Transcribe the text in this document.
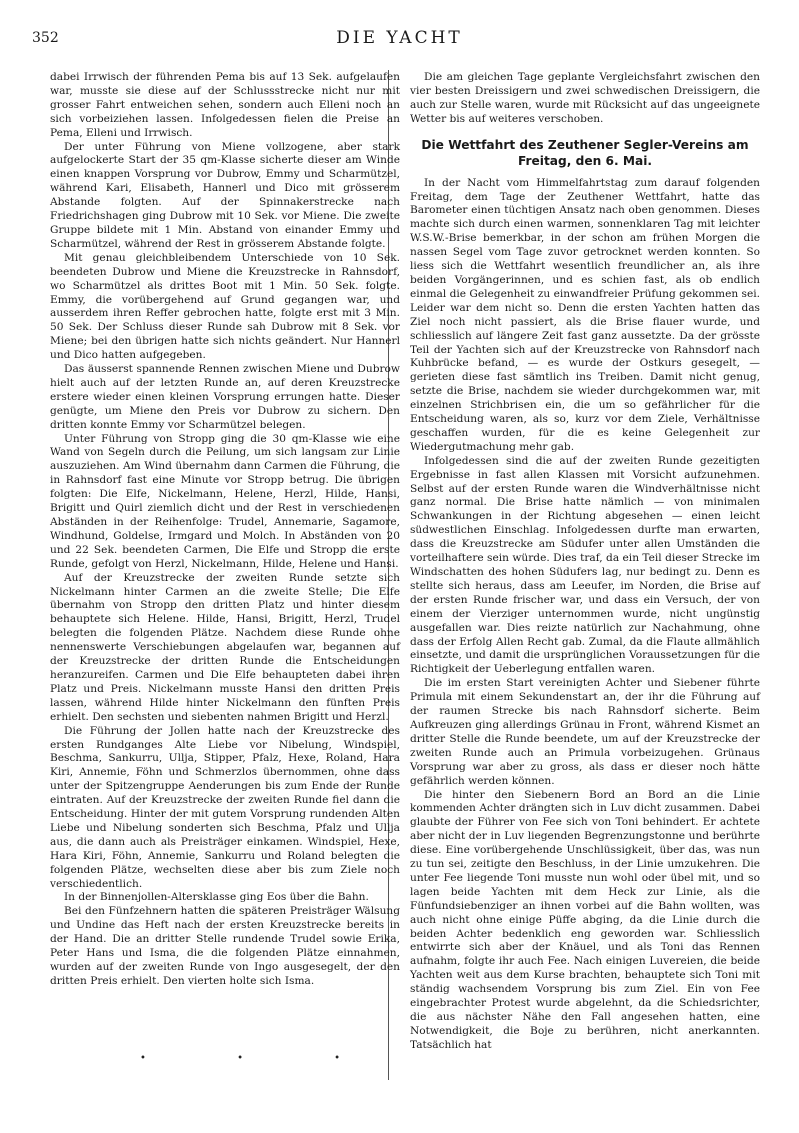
352	DIE YACHT

dabei Irrwisch der führenden Pema bis auf 13 Sek. aufgelaufen war, musste sie diese auf der Schlussstrecke nicht nur mit grosser Fahrt entweichen sehen, sondern auch Elleni noch an sich vorbeiziehen lassen. Infolgedessen fielen die Preise an Pema, Elleni und Irrwisch.

Der unter Führung von Miene vollzogene, aber stark aufgelockerte Start der 35 qm-Klasse sicherte dieser am Winde einen knappen Vorsprung vor Dubrow, Emmy und Scharmützel, während Kari, Elisabeth, Hannerl und Dico mit grösserem Abstande folgten. Auf der Spinnakerstrecke nach Friedrichshagen ging Dubrow mit 10 Sek. vor Miene. Die zweite Gruppe bildete mit 1 Min. Abstand von einander Emmy und Scharmützel, während der Rest in grösserem Abstande folgte.

Mit genau gleichbleibendem Unterschiede von 10 Sek. beendeten Dubrow und Miene die Kreuzstrecke in Rahnsdorf, wo Scharmützel als drittes Boot mit 1 Min. 50 Sek. folgte. Emmy, die vorübergehend auf Grund gegangen war, und ausserdem ihren Reffer gebrochen hatte, folgte erst mit 3 Min. 50 Sek. Der Schluss dieser Runde sah Dubrow mit 8 Sek. vor Miene; bei den übrigen hatte sich nichts geändert. Nur Hannerl und Dico hatten aufgegeben.

Das äusserst spannende Rennen zwischen Miene und Dubrow hielt auch auf der letzten Runde an, auf deren Kreuzstrecke erstere wieder einen kleinen Vorsprung errungen hatte. Dieser genügte, um Miene den Preis vor Dubrow zu sichern. Den dritten konnte Emmy vor Scharmützel belegen.

Unter Führung von Stropp ging die 30 qm-Klasse wie eine Wand von Segeln durch die Peilung, um sich langsam zur Linie auszuziehen. Am Wind übernahm dann Carmen die Führung, die in Rahnsdorf fast eine Minute vor Stropp betrug. Die übrigen folgten: Die Elfe, Nickelmann, Helene, Herzl, Hilde, Hansi, Brigitt und Quirl ziemlich dicht und der Rest in verschiedenen Abständen in der Reihenfolge: Trudel, Annemarie, Sagamore, Windhund, Goldelse, Irmgard und Molch. In Abständen von 20 und 22 Sek. beendeten Carmen, Die Elfe und Stropp die erste Runde, gefolgt von Herzl, Nickelmann, Hilde, Helene und Hansi.

Auf der Kreuzstrecke der zweiten Runde setzte sich Nickelmann hinter Carmen an die zweite Stelle; Die Elfe übernahm von Stropp den dritten Platz und hinter diesem behauptete sich Helene. Hilde, Hansi, Brigitt, Herzl, Trudel belegten die folgenden Plätze. Nachdem diese Runde ohne nennenswerte Verschiebungen abgelaufen war, begannen auf der Kreuzstrecke der dritten Runde die Entscheidungen heranzureifen. Carmen und Die Elfe behaupteten dabei ihren Platz und Preis. Nickelmann musste Hansi den dritten Preis lassen, während Hilde hinter Nickelmann den fünften Preis erhielt. Den sechsten und siebenten nahmen Brigitt und Herzl.

Die Führung der Jollen hatte nach der Kreuzstrecke des ersten Rundganges Alte Liebe vor Nibelung, Windspiel, Beschma, Sankurru, Ullja, Stipper, Pfalz, Hexe, Roland, Hara Kiri, Annemie, Föhn und Schmerzlos übernommen, ohne dass unter der Spitzengruppe Aenderungen bis zum Ende der Runde eintraten. Auf der Kreuzstrecke der zweiten Runde fiel dann die Entscheidung. Hinter der mit gutem Vorsprung rundenden Alten Liebe und Nibelung sonderten sich Beschma, Pfalz und Ullja aus, die dann auch als Preisträger einkamen. Windspiel, Hexe, Hara Kiri, Föhn, Annemie, Sankurru und Roland belegten die folgenden Plätze, wechselten diese aber bis zum Ziele noch verschiedentlich.

In der Binnenjollen-Altersklasse ging Eos über die Bahn.

Bei den Fünfzehnern hatten die späteren Preisträger Wälsung und Undine das Heft nach der ersten Kreuzstrecke bereits in der Hand. Die an dritter Stelle rundende Trudel sowie Erika, Peter Hans und Isma, die die folgenden Plätze einnahmen, wurden auf der zweiten Runde von Ingo ausgesegelt, der den dritten Preis erhielt. Den vierten holte sich Isma.

Die am gleichen Tage geplante Vergleichsfahrt zwischen den vier besten Dreissigern und zwei schwedischen Dreissigern, die auch zur Stelle waren, wurde mit Rücksicht auf das ungeeignete Wetter bis auf weiteres verschoben.

Die Wettfahrt des Zeuthener Segler-Vereins am Freitag, den 6. Mai.

In der Nacht vom Himmelfahrtstag zum darauf folgenden Freitag, dem Tage der Zeuthener Wettfahrt, hatte das Barometer einen tüchtigen Ansatz nach oben genommen. Dieses machte sich durch einen warmen, sonnenklaren Tag mit leichter W.S.W.-Brise bemerkbar, in der schon am frühen Morgen die nassen Segel vom Tage zuvor getrocknet werden konnten. So liess sich die Wettfahrt wesentlich freundlicher an, als ihre beiden Vorgängerinnen, und es schien fast, als ob endlich einmal die Gelegenheit zu einwandfreier Prüfung gekommen sei. Leider war dem nicht so. Denn die ersten Yachten hatten das Ziel noch nicht passiert, als die Brise flauer wurde, und schliesslich auf längere Zeit fast ganz aussetzte. Da der grösste Teil der Yachten sich auf der Kreuzstrecke von Rahnsdorf nach Kuhbrücke befand, — es wurde der Ostkurs gesegelt, — gerieten diese fast sämtlich ins Treiben. Damit nicht genug, setzte die Brise, nachdem sie wieder durchgekommen war, mit einzelnen Strichbrisen ein, die um so gefährlicher für die Entscheidung waren, als so, kurz vor dem Ziele, Verhältnisse geschaffen wurden, für die es keine Gelegenheit zur Wiedergutmachung mehr gab.

Infolgedessen sind die auf der zweiten Runde gezeitigten Ergebnisse in fast allen Klassen mit Vorsicht aufzunehmen. Selbst auf der ersten Runde waren die Windverhältnisse nicht ganz normal. Die Brise hatte nämlich — von minimalen Schwankungen in der Richtung abgesehen — einen leicht südwestlichen Einschlag. Infolgedessen durfte man erwarten, dass die Kreuzstrecke am Südufer unter allen Umständen die vorteilhaftere sein würde. Dies traf, da ein Teil dieser Strecke im Windschatten des hohen Südufers lag, nur bedingt zu. Denn es stellte sich heraus, dass am Leeufer, im Norden, die Brise auf der ersten Runde frischer war, und dass ein Versuch, der von einem der Vierziger unternommen wurde, nicht ungünstig ausgefallen war. Dies reizte natürlich zur Nachahmung, ohne dass der Erfolg Allen Recht gab. Zumal, da die Flaute allmählich einsetzte, und damit die ursprünglichen Voraussetzungen für die Richtigkeit der Ueberlegung entfallen waren.

Die im ersten Start vereinigten Achter und Siebener führte Primula mit einem Sekundenstart an, der ihr die Führung auf der raumen Strecke bis nach Rahnsdorf sicherte. Beim Aufkreuzen ging allerdings Grünau in Front, während Kismet an dritter Stelle die Runde beendete, um auf der Kreuzstrecke der zweiten Runde auch an Primula vorbeizugehen. Grünaus Vorsprung war aber zu gross, als dass er dieser noch hätte gefährlich werden können.

Die hinter den Siebenern Bord an Bord an die Linie kommenden Achter drängten sich in Luv dicht zusammen. Dabei glaubte der Führer von Fee sich von Toni behindert. Er achtete aber nicht der in Luv liegenden Begrenzungstonne und berührte diese. Eine vorübergehende Unschlüssigkeit, über das, was nun zu tun sei, zeitigte den Beschluss, in der Linie umzukehren. Die unter Fee liegende Toni musste nun wohl oder übel mit, und so lagen beide Yachten mit dem Heck zur Linie, als die Fünfundsiebenziger an ihnen vorbei auf die Bahn wollten, was auch nicht ohne einige Püffe abging, da die Linie durch die beiden Achter bedenklich eng geworden war. Schliesslich entwirrte sich aber der Knäuel, und als Toni das Rennen aufnahm, folgte ihr auch Fee. Nach einigen Luvereien, die beide Yachten weit aus dem Kurse brachten, behauptete sich Toni mit ständig wachsendem Vorsprung bis zum Ziel. Ein von Fee eingebrachter Protest wurde abgelehnt, da die Schiedsrichter, die aus nächster Nähe den Fall angesehen hatten, eine Notwendigkeit, die Boje zu berühren, nicht anerkannten. Tatsächlich hat

• • •
